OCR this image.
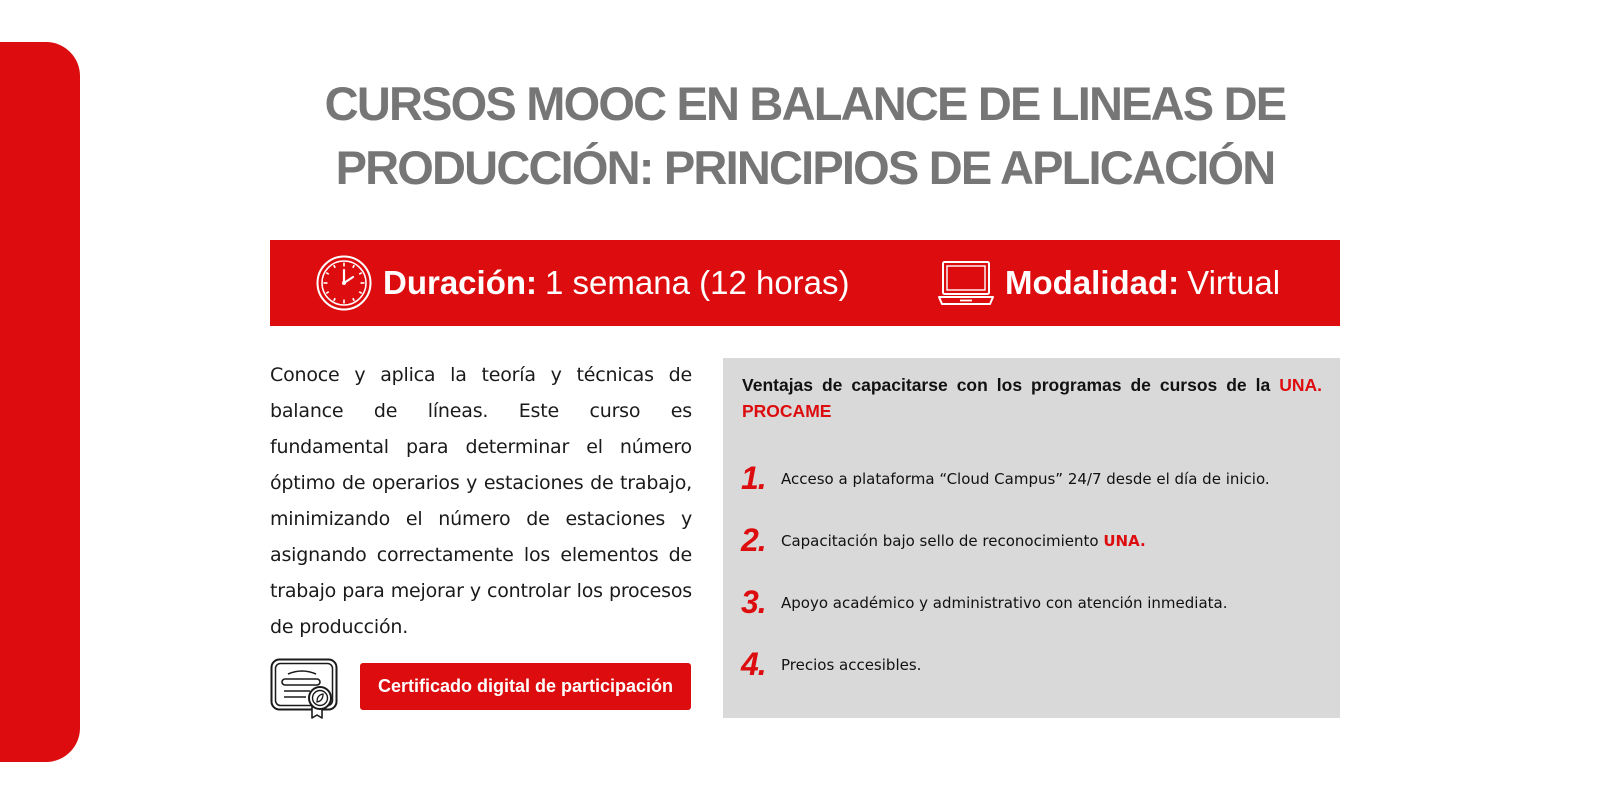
CURSOS MOOC EN BALANCE DE LINEAS DE
PRODUCCIÓN: PRINCIPIOS DE APLICACIÓN
Duración: 1 semana (12 horas)	Modalidad: Virtual

Conoce y aplica la teoría y técnicas de balance de líneas. Este curso es fundamental para determinar el número óptimo de operarios y estaciones de trabajo, minimizando el número de estaciones y asignando correctamente los elementos de trabajo para mejorar y controlar los procesos de producción.

Certificado digital de participación

Ventajas de capacitarse con los programas de cursos de la UNA. PROCAME

1.	Acceso a plataforma “Cloud Campus” 24/7 desde el día de inicio.
2.	Capacitación bajo sello de reconocimiento UNA.
3.	Apoyo académico y administrativo con atención inmediata.
4.	Precios accesibles.
